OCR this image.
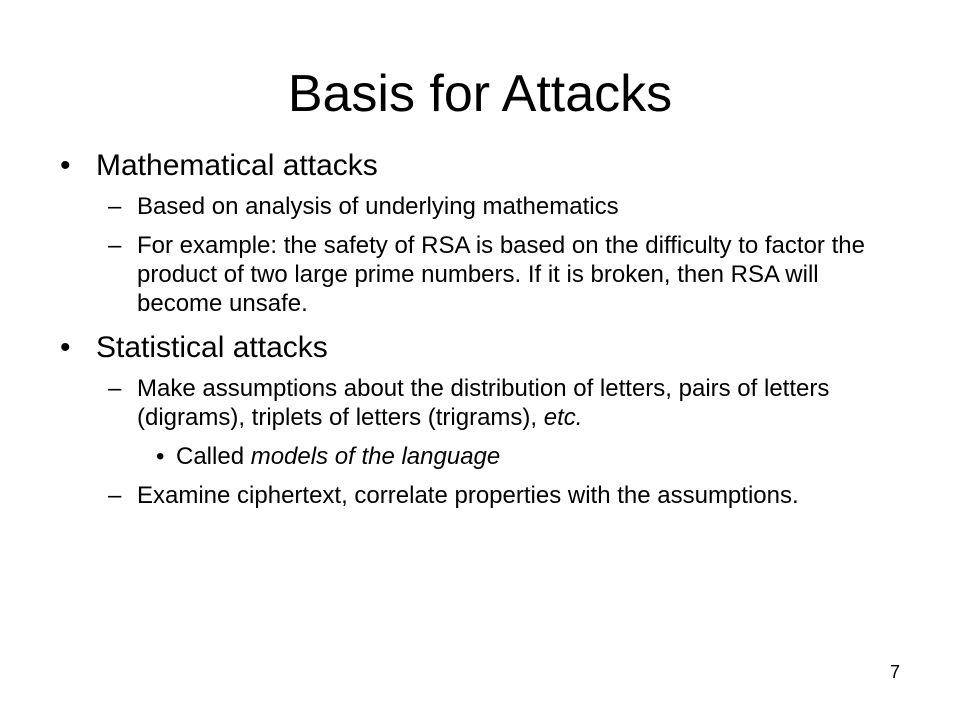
Basis for Attacks
• Mathematical attacks
– Based on analysis of underlying mathematics
– For example: the safety of RSA is based on the difficulty to factor the product of two large prime numbers. If it is broken, then RSA will become unsafe.
• Statistical attacks
– Make assumptions about the distribution of letters, pairs of letters (digrams), triplets of letters (trigrams), etc.
• Called models of the language
– Examine ciphertext, correlate properties with the assumptions.
7
